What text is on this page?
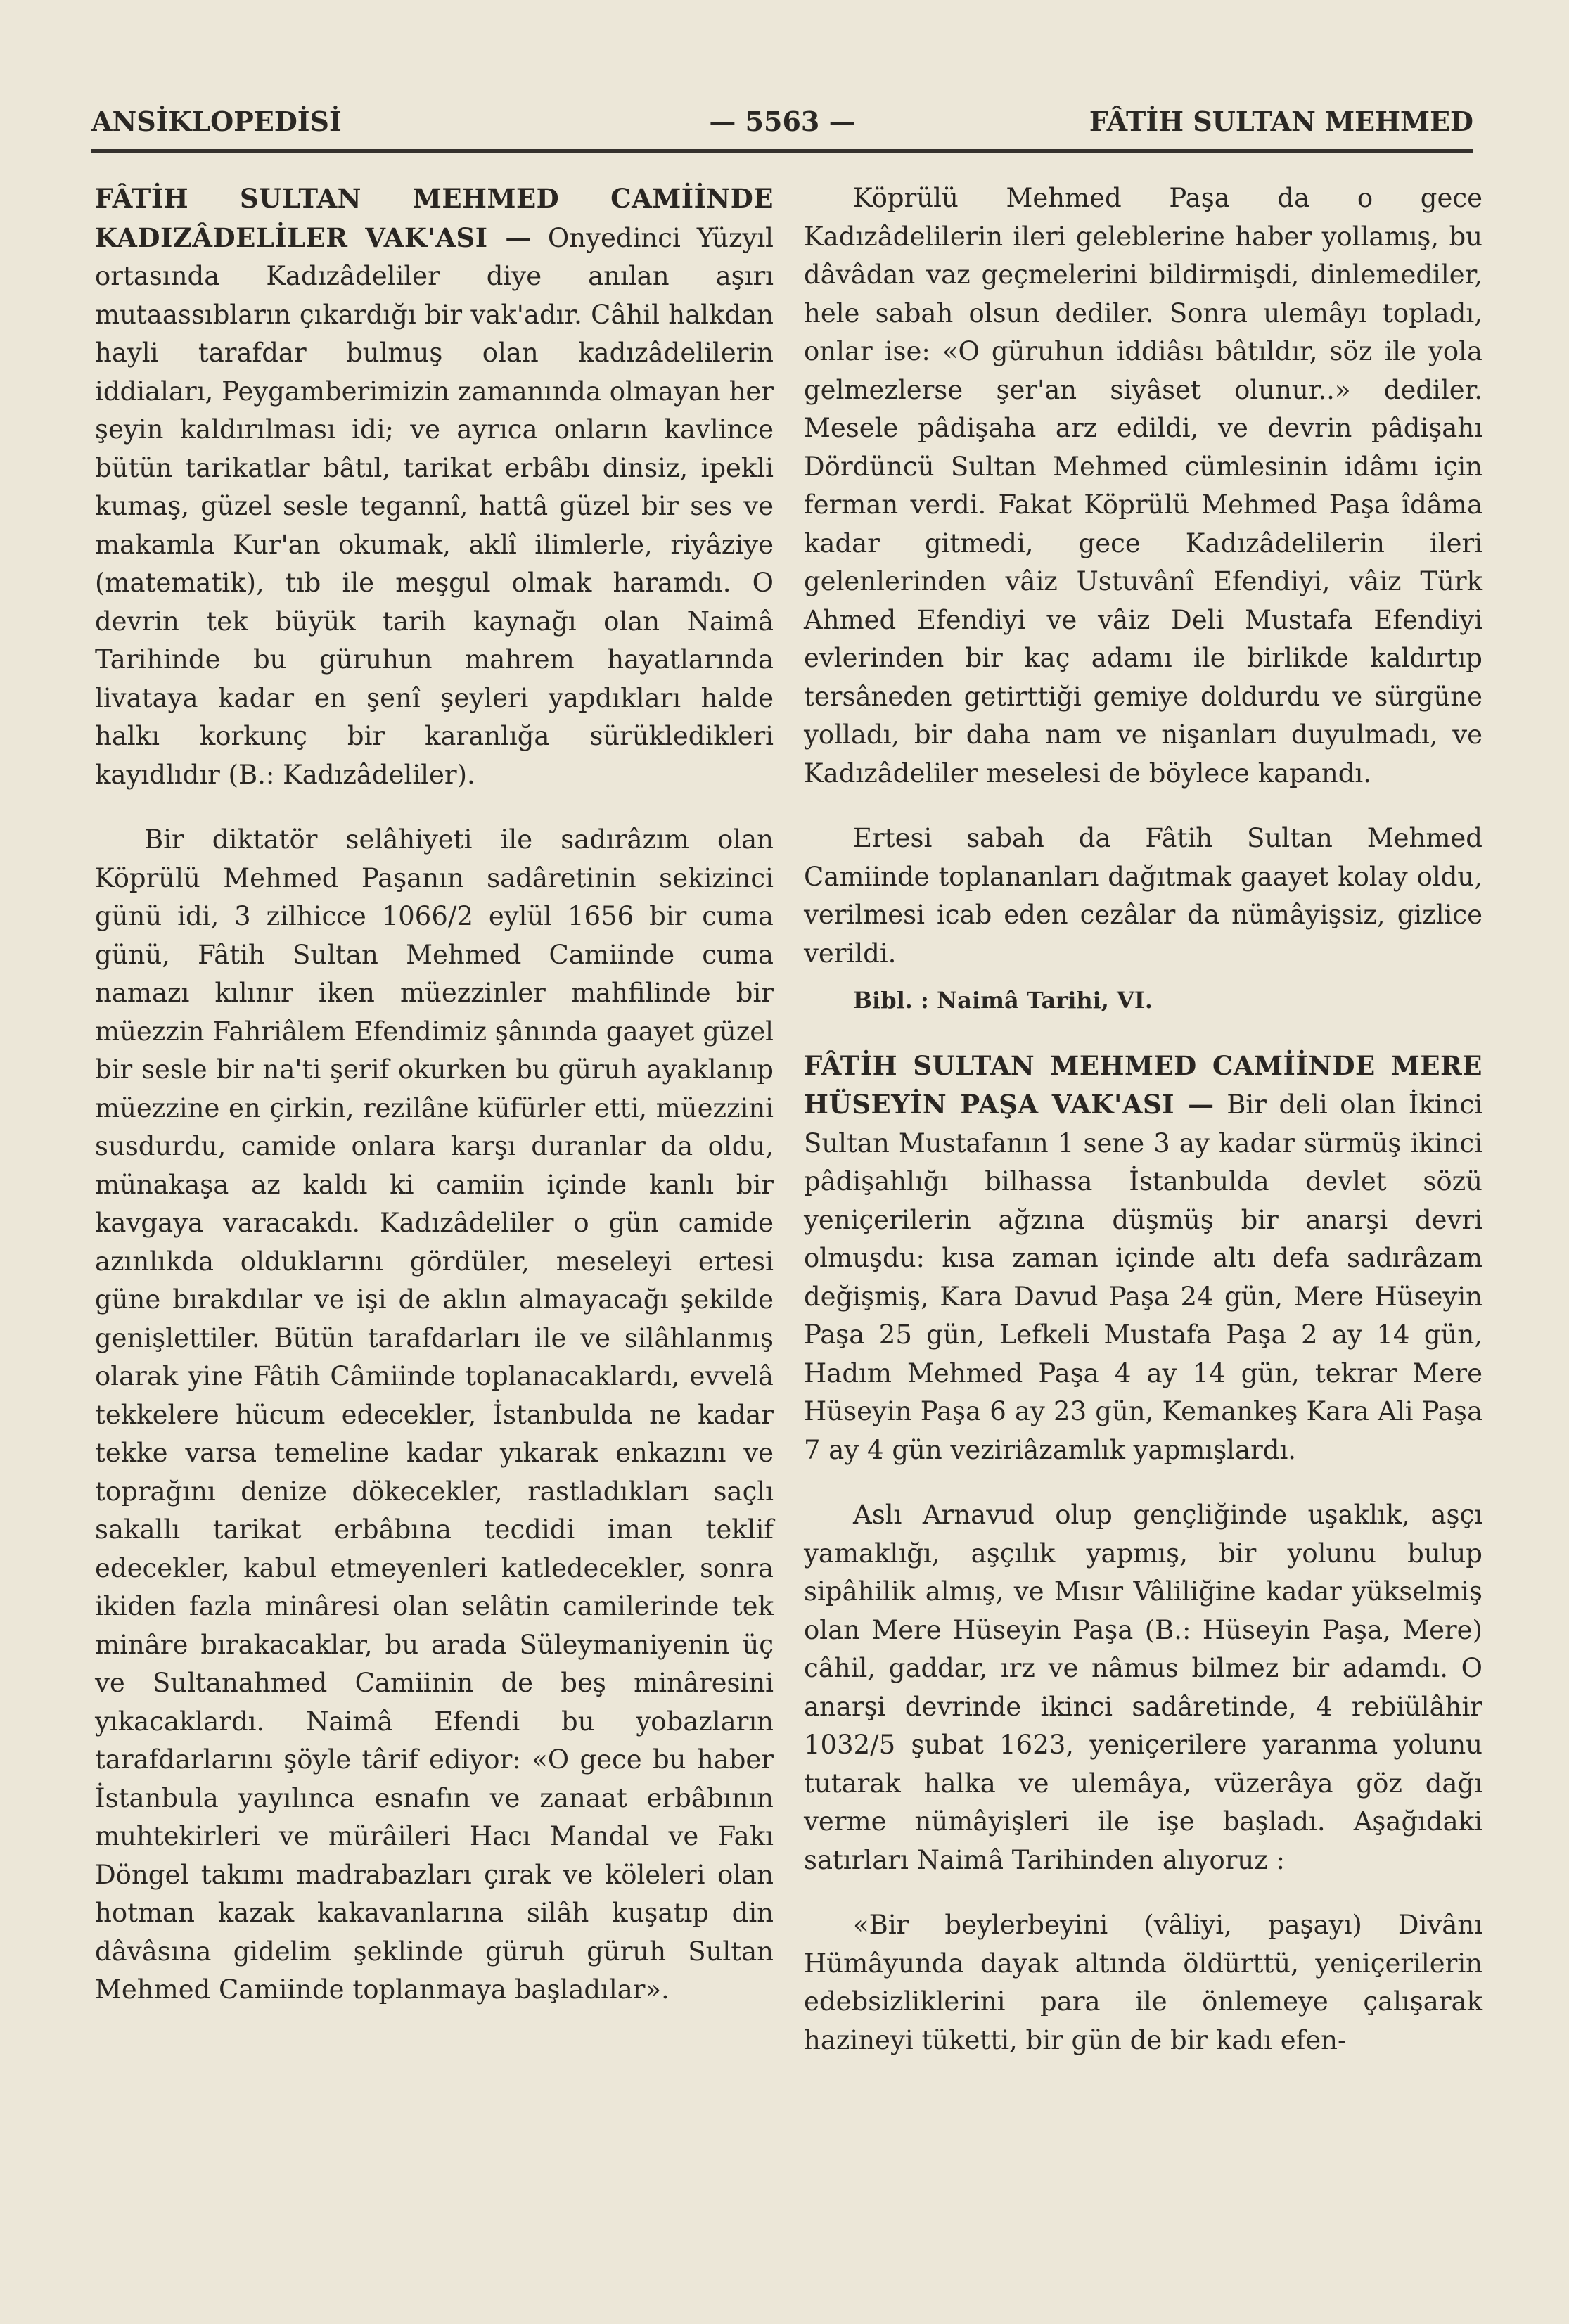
ANSİKLOPEDİSİ	— 5563 —	FÂTİH SULTAN MEHMED

FÂTİH SULTAN MEHMED CAMİİNDE KADIZÂDELİLER VAK'ASI — Onyedinci Yüzyıl ortasında Kadızâdeliler diye anılan aşırı mutaassıbların çıkardığı bir vak'adır. Câhil halkdan hayli tarafdar bulmuş olan kadızâdelilerin iddiaları, Peygamberimizin zamanında olmayan her şeyin kaldırılması idi; ve ayrıca onların kavlince bütün tarikatlar bâtıl, tarikat erbâbı dinsiz, ipekli kumaş, güzel sesle tegannî, hattâ güzel bir ses ve makamla Kur'an okumak, aklî ilimlerle, riyâziye (matematik), tıb ile meşgul olmak haramdı. O devrin tek büyük tarih kaynağı olan Naimâ Tarihinde bu güruhun mahrem hayatlarında livataya kadar en şenî şeyleri yapdıkları halde halkı korkunç bir karanlığa sürükledikleri kayıdlıdır (B.: Kadızâdeliler).

Bir diktatör selâhiyeti ile sadırâzım olan Köprülü Mehmed Paşanın sadâretinin sekizinci günü idi, 3 zilhicce 1066/2 eylül 1656 bir cuma günü, Fâtih Sultan Mehmed Camiinde cuma namazı kılınır iken müezzinler mahfilinde bir müezzin Fahriâlem Efendimiz şânında gaayet güzel bir sesle bir na'ti şerif okurken bu güruh ayaklanıp müezzine en çirkin, rezilâne küfürler etti, müezzini susdurdu, camide onlara karşı duranlar da oldu, münakaşa az kaldı ki camiin içinde kanlı bir kavgaya varacakdı. Kadızâdeliler o gün camide azınlıkda olduklarını gördüler, meseleyi ertesi güne bırakdılar ve işi de aklın almayacağı şekilde genişlettiler. Bütün tarafdarları ile ve silâhlanmış olarak yine Fâtih Câmiinde toplanacaklardı, evvelâ tekkelere hücum edecekler, İstanbulda ne kadar tekke varsa temeline kadar yıkarak enkazını ve toprağını denize dökecekler, rastladıkları saçlı sakallı tarikat erbâbına tecdidi iman teklif edecekler, kabul etmeyenleri katledecekler, sonra ikiden fazla minâresi olan selâtin camilerinde tek minâre bırakacaklar, bu arada Süleymaniyenin üç ve Sultanahmed Camiinin de beş minâresini yıkacaklardı. Naimâ Efendi bu yobazların tarafdarlarını şöyle târif ediyor: «O gece bu haber İstanbula yayılınca esnafın ve zanaat erbâbının muhtekirleri ve mürâileri Hacı Mandal ve Fakı Döngel takımı madrabazları çırak ve köleleri olan hotman kazak kakavanlarına silâh kuşatıp din dâvâsına gidelim şeklinde güruh güruh Sultan Mehmed Camiinde toplanmaya başladılar».

Köprülü Mehmed Paşa da o gece Kadızâdelilerin ileri geleblerine haber yollamış, bu dâvâdan vaz geçmelerini bildirmişdi, dinlemediler, hele sabah olsun dediler. Sonra ulemâyı topladı, onlar ise: «O güruhun iddiâsı bâtıldır, söz ile yola gelmezlerse şer'an siyâset olunur..» dediler. Mesele pâdişaha arz edildi, ve devrin pâdişahı Dördüncü Sultan Mehmed cümlesinin idâmı için ferman verdi. Fakat Köprülü Mehmed Paşa îdâma kadar gitmedi, gece Kadızâdelilerin ileri gelenlerinden vâiz Ustuvânî Efendiyi, vâiz Türk Ahmed Efendiyi ve vâiz Deli Mustafa Efendiyi evlerinden bir kaç adamı ile birlikde kaldırtıp tersâneden getirttiği gemiye doldurdu ve sürgüne yolladı, bir daha nam ve nişanları duyulmadı, ve Kadızâdeliler meselesi de böylece kapandı.

Ertesi sabah da Fâtih Sultan Mehmed Camiinde toplananları dağıtmak gaayet kolay oldu, verilmesi icab eden cezâlar da nümâyişsiz, gizlice verildi.

Bibl. : Naimâ Tarihi, VI.

FÂTİH SULTAN MEHMED CAMİİNDE MERE HÜSEYİN PAŞA VAK'ASI — Bir deli olan İkinci Sultan Mustafanın 1 sene 3 ay kadar sürmüş ikinci pâdişahlığı bilhassa İstanbulda devlet sözü yeniçerilerin ağzına düşmüş bir anarşi devri olmuşdu: kısa zaman içinde altı defa sadırâzam değişmiş, Kara Davud Paşa 24 gün, Mere Hüseyin Paşa 25 gün, Lefkeli Mustafa Paşa 2 ay 14 gün, Hadım Mehmed Paşa 4 ay 14 gün, tekrar Mere Hüseyin Paşa 6 ay 23 gün, Kemankeş Kara Ali Paşa 7 ay 4 gün veziriâzamlık yapmışlardı.

Aslı Arnavud olup gençliğinde uşaklık, aşçı yamaklığı, aşçılık yapmış, bir yolunu bulup sipâhilik almış, ve Mısır Vâliliğine kadar yükselmiş olan Mere Hüseyin Paşa (B.: Hüseyin Paşa, Mere) câhil, gaddar, ırz ve nâmus bilmez bir adamdı. O anarşi devrinde ikinci sadâretinde, 4 rebiülâhir 1032/5 şubat 1623, yeniçerilere yaranma yolunu tutarak halka ve ulemâya, vüzerâya göz dağı verme nümâyişleri ile işe başladı. Aşağıdaki satırları Naimâ Tarihinden alıyoruz :

«Bir beylerbeyini (vâliyi, paşayı) Divânı Hümâyunda dayak altında öldürttü, yeniçerilerin edebsizliklerini para ile önlemeye çalışarak hazineyi tüketti, bir gün de bir kadı efen-
